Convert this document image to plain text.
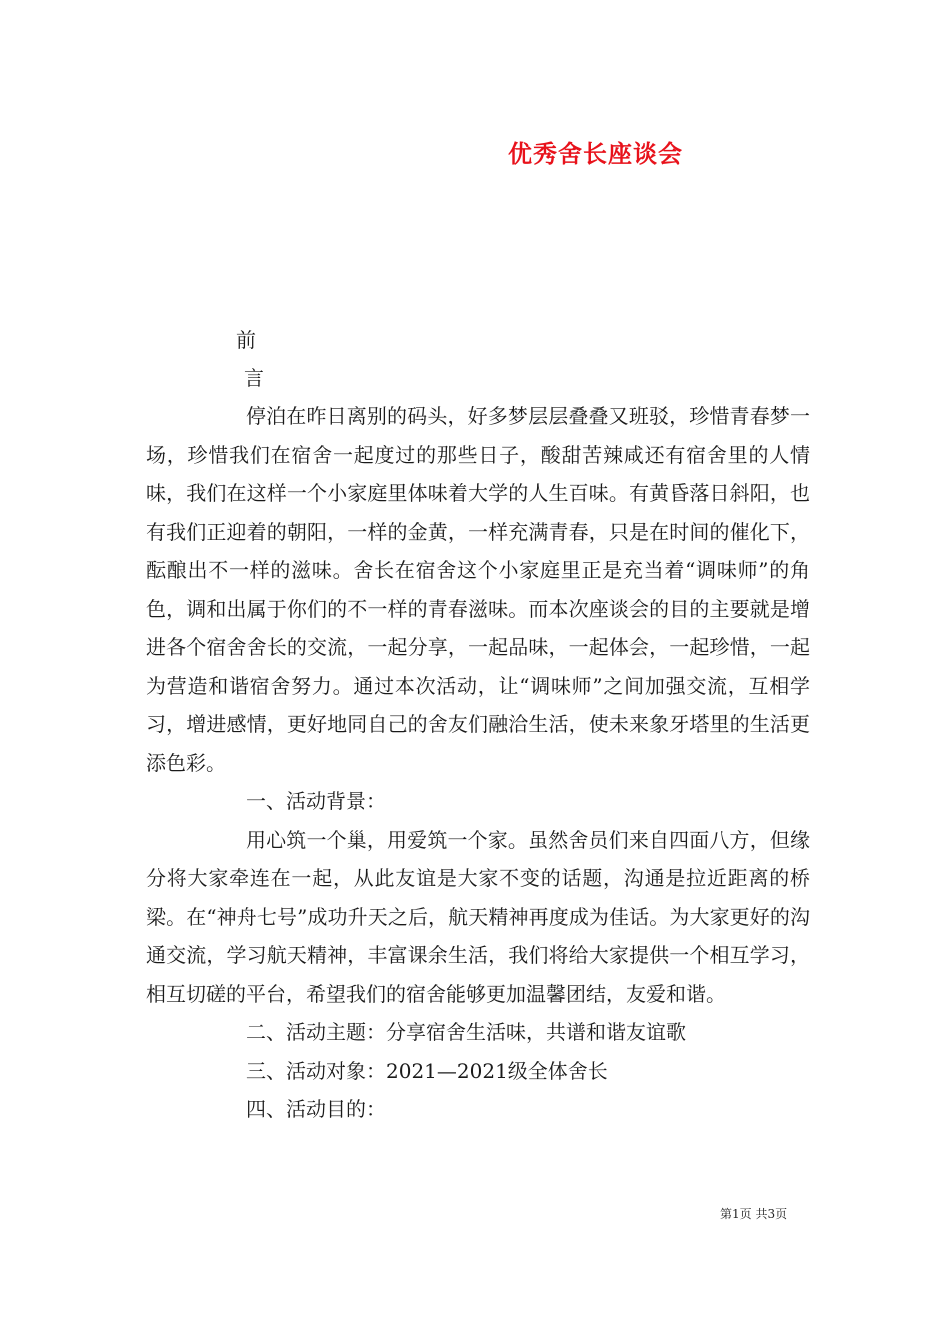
优秀舍长座谈会
前
言

停泊在昨日离别的码头，好多梦层层叠叠又班驳，珍惜青春梦一场，珍惜我们在宿舍一起度过的那些日子，酸甜苦辣咸还有宿舍里的人情味，我们在这样一个小家庭里体味着大学的人生百味。有黄昏落日斜阳，也有我们正迎着的朝阳，一样的金黄，一样充满青春，只是在时间的催化下，酝酿出不一样的滋味。舍长在宿舍这个小家庭里正是充当着“调味师”的角色，调和出属于你们的不一样的青春滋味。而本次座谈会的目的主要就是增进各个宿舍舍长的交流，一起分享，一起品味，一起体会，一起珍惜，一起为营造和谐宿舍努力。通过本次活动，让“调味师”之间加强交流，互相学习，增进感情，更好地同自己的舍友们融洽生活，使未来象牙塔里的生活更添色彩。

一、活动背景：

用心筑一个巢，用爱筑一个家。虽然舍员们来自四面八方，但缘分将大家牵连在一起，从此友谊是大家不变的话题，沟通是拉近距离的桥梁。在“神舟七号”成功升天之后，航天精神再度成为佳话。为大家更好的沟通交流，学习航天精神，丰富课余生活，我们将给大家提供一个相互学习，相互切磋的平台，希望我们的宿舍能够更加温馨团结，友爱和谐。

二、活动主题：分享宿舍生活味，共谱和谐友谊歌

三、活动对象：2021—2021级全体舍长

四、活动目的：

第1页 共3页
